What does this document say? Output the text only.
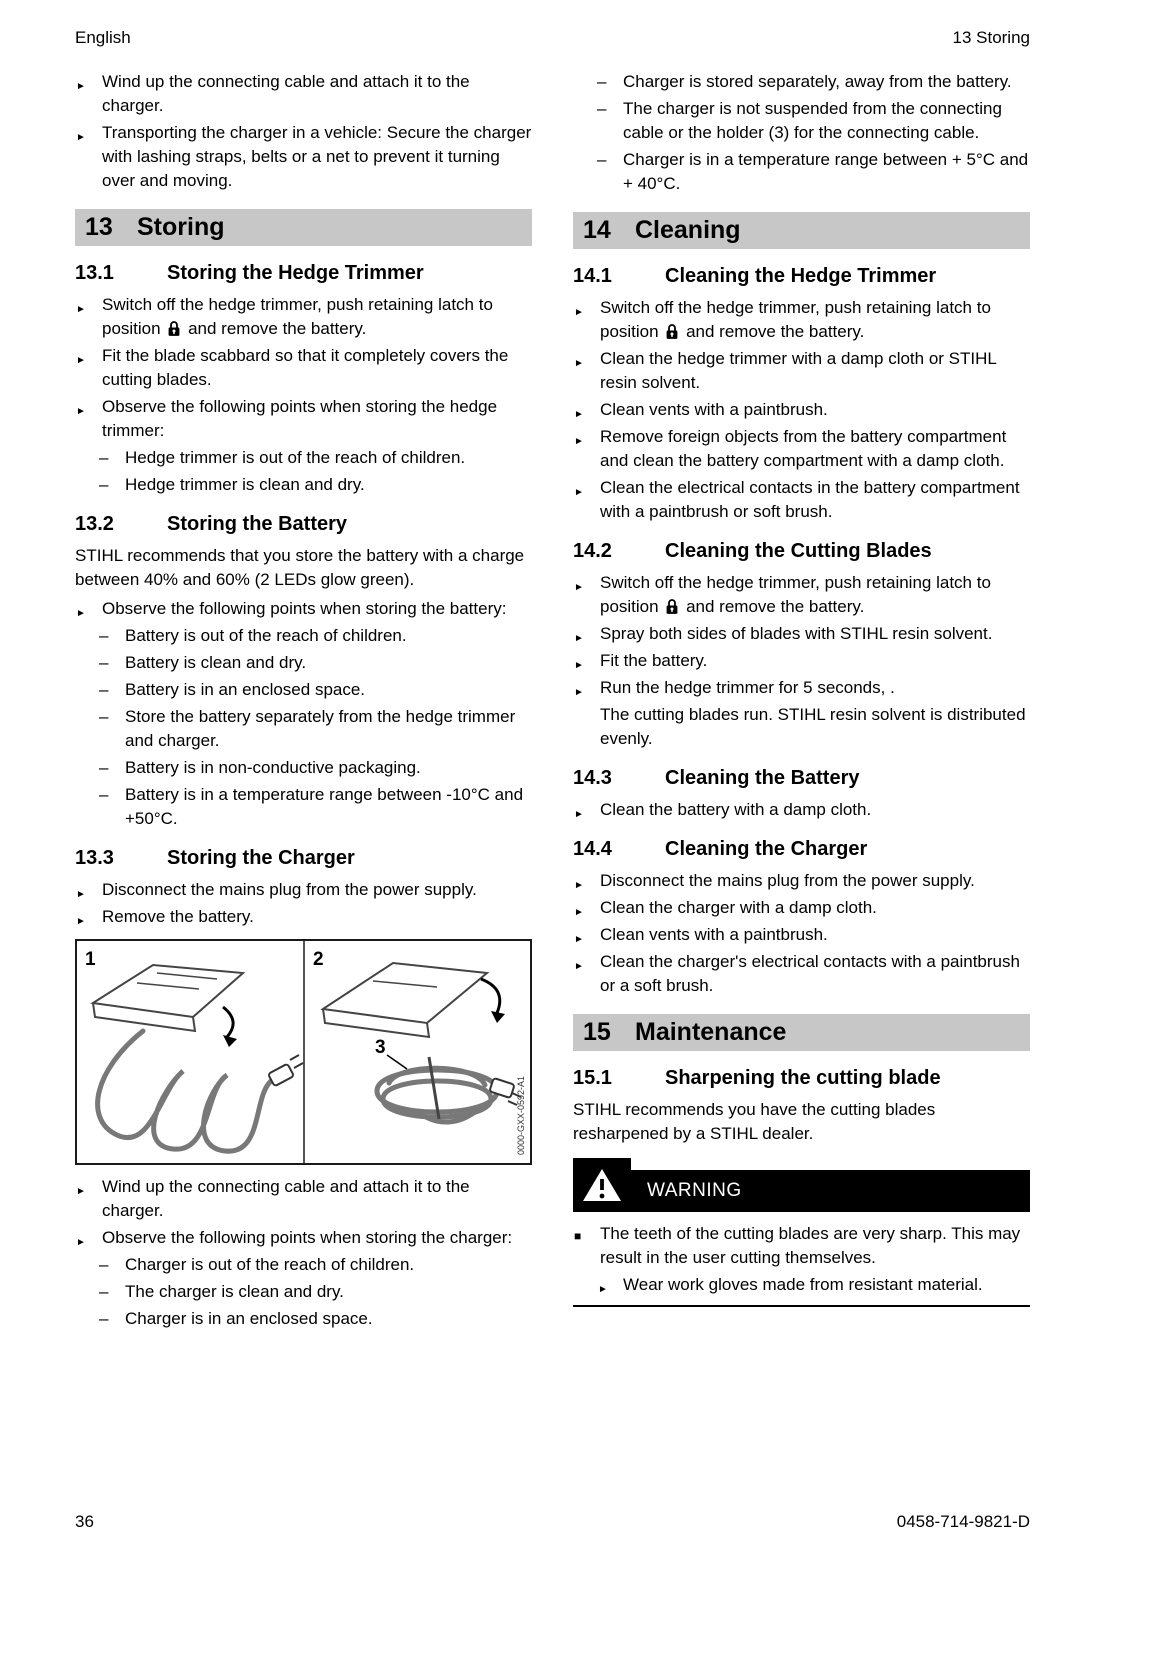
English	13 Storing
► Wind up the connecting cable and attach it to the charger.
► Transporting the charger in a vehicle: Secure the charger with lashing straps, belts or a net to prevent it turning over and moving.
13 Storing
13.1	Storing the Hedge Trimmer
► Switch off the hedge trimmer, push retaining latch to position and remove the battery.
► Fit the blade scabbard so that it completely covers the cutting blades.
► Observe the following points when storing the hedge trimmer:
– Hedge trimmer is out of the reach of children.
– Hedge trimmer is clean and dry.
13.2	Storing the Battery
STIHL recommends that you store the battery with a charge between 40% and 60% (2 LEDs glow green).
► Observe the following points when storing the battery:
– Battery is out of the reach of children.
– Battery is clean and dry.
– Battery is in an enclosed space.
– Store the battery separately from the hedge trimmer and charger.
– Battery is in non-conductive packaging.
– Battery is in a temperature range between -10°C and +50°C.
13.3	Storing the Charger
► Disconnect the mains plug from the power supply.
► Remove the battery.
1	2
3
0000-GXX-0592-A1
► Wind up the connecting cable and attach it to the charger.
► Observe the following points when storing the charger:
– Charger is out of the reach of children.
– The charger is clean and dry.
– Charger is in an enclosed space.
– Charger is stored separately, away from the battery.
– The charger is not suspended from the connecting cable or the holder (3) for the connecting cable.
– Charger is in a temperature range between + 5°C and + 40°C.
14 Cleaning
14.1	Cleaning the Hedge Trimmer
► Switch off the hedge trimmer, push retaining latch to position and remove the battery.
► Clean the hedge trimmer with a damp cloth or STIHL resin solvent.
► Clean vents with a paintbrush.
► Remove foreign objects from the battery compartment and clean the battery compartment with a damp cloth.
► Clean the electrical contacts in the battery compartment with a paintbrush or soft brush.
14.2	Cleaning the Cutting Blades
► Switch off the hedge trimmer, push retaining latch to position and remove the battery.
► Spray both sides of blades with STIHL resin solvent.
► Fit the battery.
► Run the hedge trimmer for 5 seconds, .
The cutting blades run. STIHL resin solvent is distributed evenly.
14.3	Cleaning the Battery
► Clean the battery with a damp cloth.
14.4	Cleaning the Charger
► Disconnect the mains plug from the power supply.
► Clean the charger with a damp cloth.
► Clean vents with a paintbrush.
► Clean the charger's electrical contacts with a paintbrush or a soft brush.
15 Maintenance
15.1	Sharpening the cutting blade
STIHL recommends you have the cutting blades resharpened by a STIHL dealer.
WARNING
■ The teeth of the cutting blades are very sharp. This may result in the user cutting themselves.
► Wear work gloves made from resistant material.
36	0458-714-9821-D
